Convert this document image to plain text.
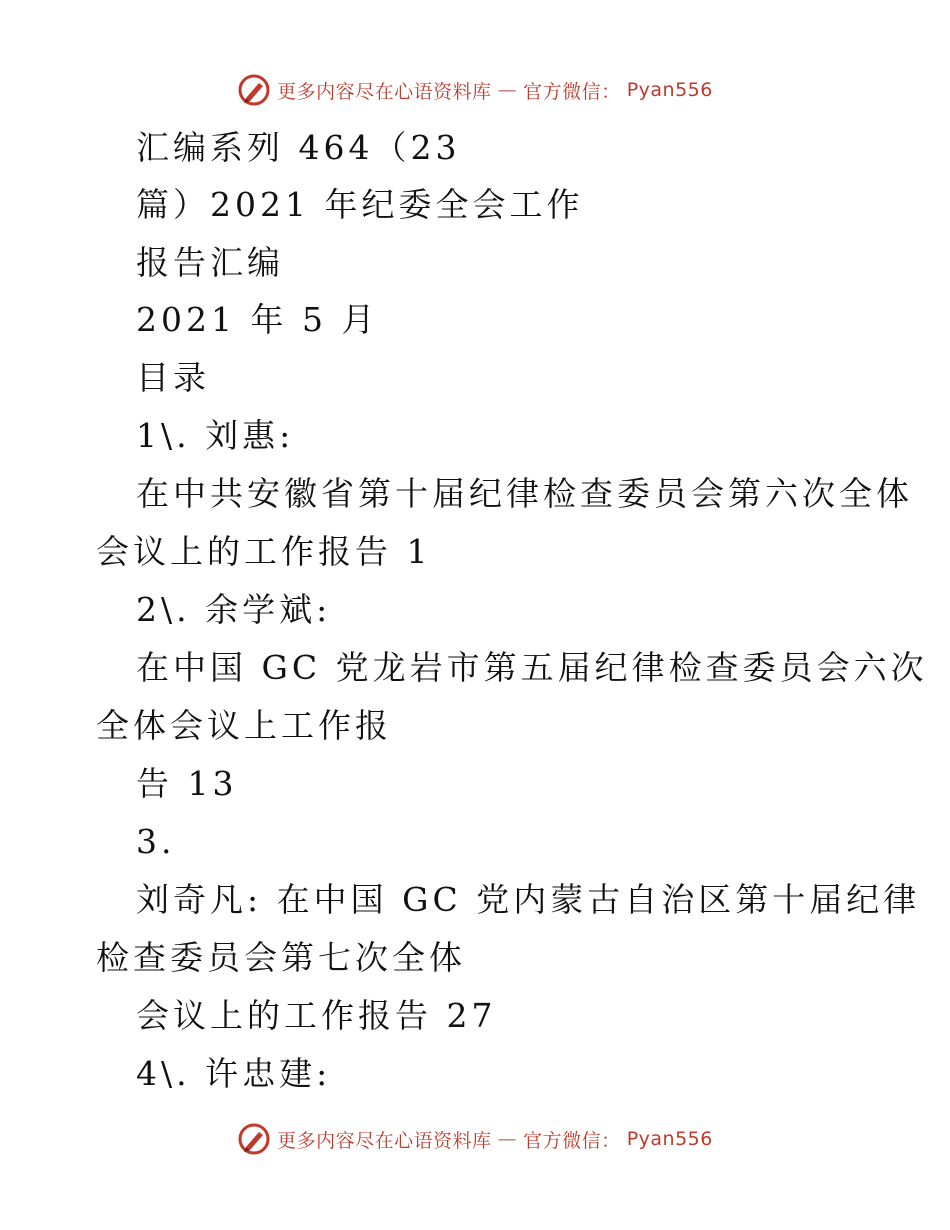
更多内容尽在心语资料库 — 官方微信： Pyan556
汇编系列 464（23
篇）2021 年纪委全会工作
报告汇编
2021 年 5 月
目录
1\. 刘惠:
在中共安徽省第十届纪律检查委员会第六次全体
会议上的工作报告 1
2\. 余学斌:
在中国 GC 党龙岩市第五届纪律检查委员会六次
全体会议上工作报
告 13
3.
刘奇凡: 在中国 GC 党内蒙古自治区第十届纪律
检查委员会第七次全体
会议上的工作报告 27
4\. 许忠建:
更多内容尽在心语资料库 — 官方微信： Pyan556
